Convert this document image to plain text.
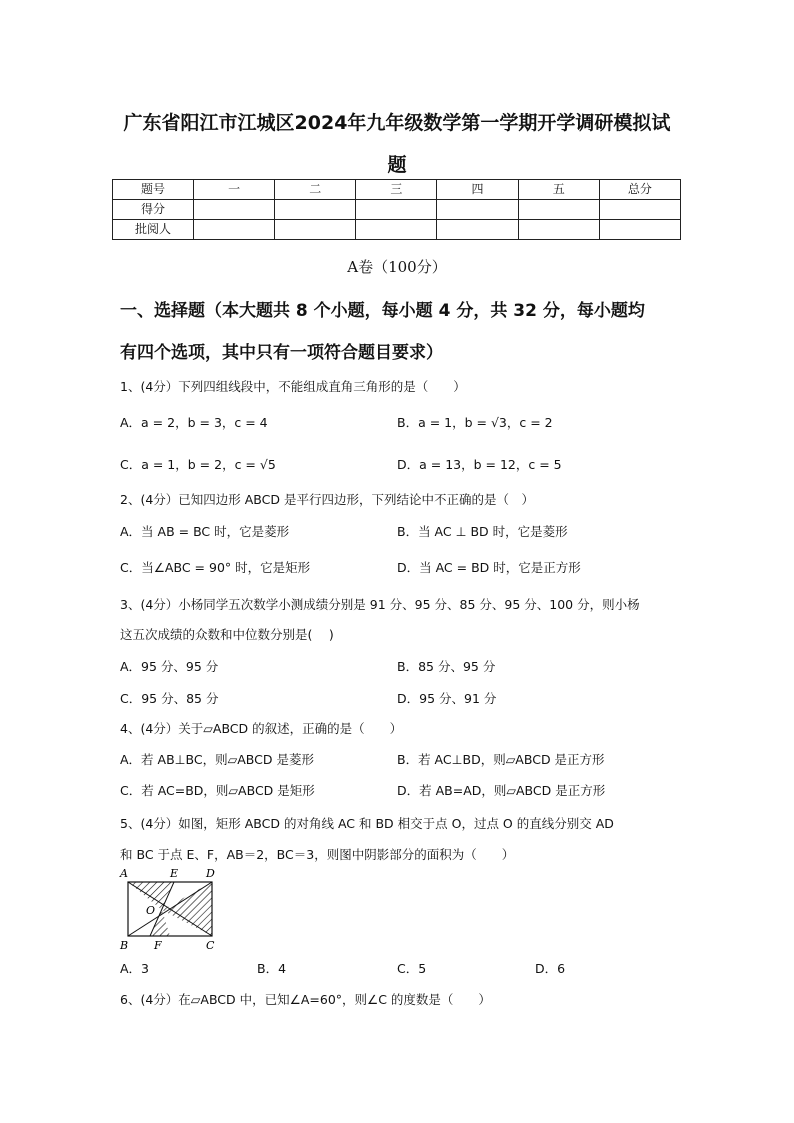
广东省阳江市江城区2024年九年级数学第一学期开学调研模拟试
题
题号	一	二	三	四	五	总分
得分						
批阅人						
A卷（100分）
一、选择题（本大题共 8 个小题，每小题 4 分，共 32 分，每小题均
有四个选项，其中只有一项符合题目要求）
1、(4分）下列四组线段中，不能组成直角三角形的是（　　）
A．a = 2，b = 3，c = 4	B．a = 1，b = √3，c = 2
C．a = 1，b = 2，c = √5	D．a = 13，b = 12，c = 5
2、(4分）已知四边形 ABCD 是平行四边形，下列结论中不正确的是（　）
A．当 AB = BC 时，它是菱形	B．当 AC ⊥ BD 时，它是菱形
C．当∠ABC = 90° 时，它是矩形	D．当 AC = BD 时，它是正方形
3、(4分）小杨同学五次数学小测成绩分别是 91 分、95 分、85 分、95 分、100 分，则小杨
这五次成绩的众数和中位数分别是(　 )
A．95 分、95 分	B．85 分、95 分
C．95 分、85 分	D．95 分、91 分
4、(4分）关于▱ABCD 的叙述，正确的是（　　）
A．若 AB⊥BC，则▱ABCD 是菱形	B．若 AC⊥BD，则▱ABCD 是正方形
C．若 AC=BD，则▱ABCD 是矩形	D．若 AB=AD，则▱ABCD 是正方形
5、(4分）如图，矩形 ABCD 的对角线 AC 和 BD 相交于点 O，过点 O 的直线分别交 AD
和 BC 于点 E、F，AB＝2，BC＝3，则图中阴影部分的面积为（　　）
A	E	D
O
B F	C
A．3	B．4	C．5	D．6
6、(4分）在▱ABCD 中，已知∠A=60°，则∠C 的度数是（　　）
